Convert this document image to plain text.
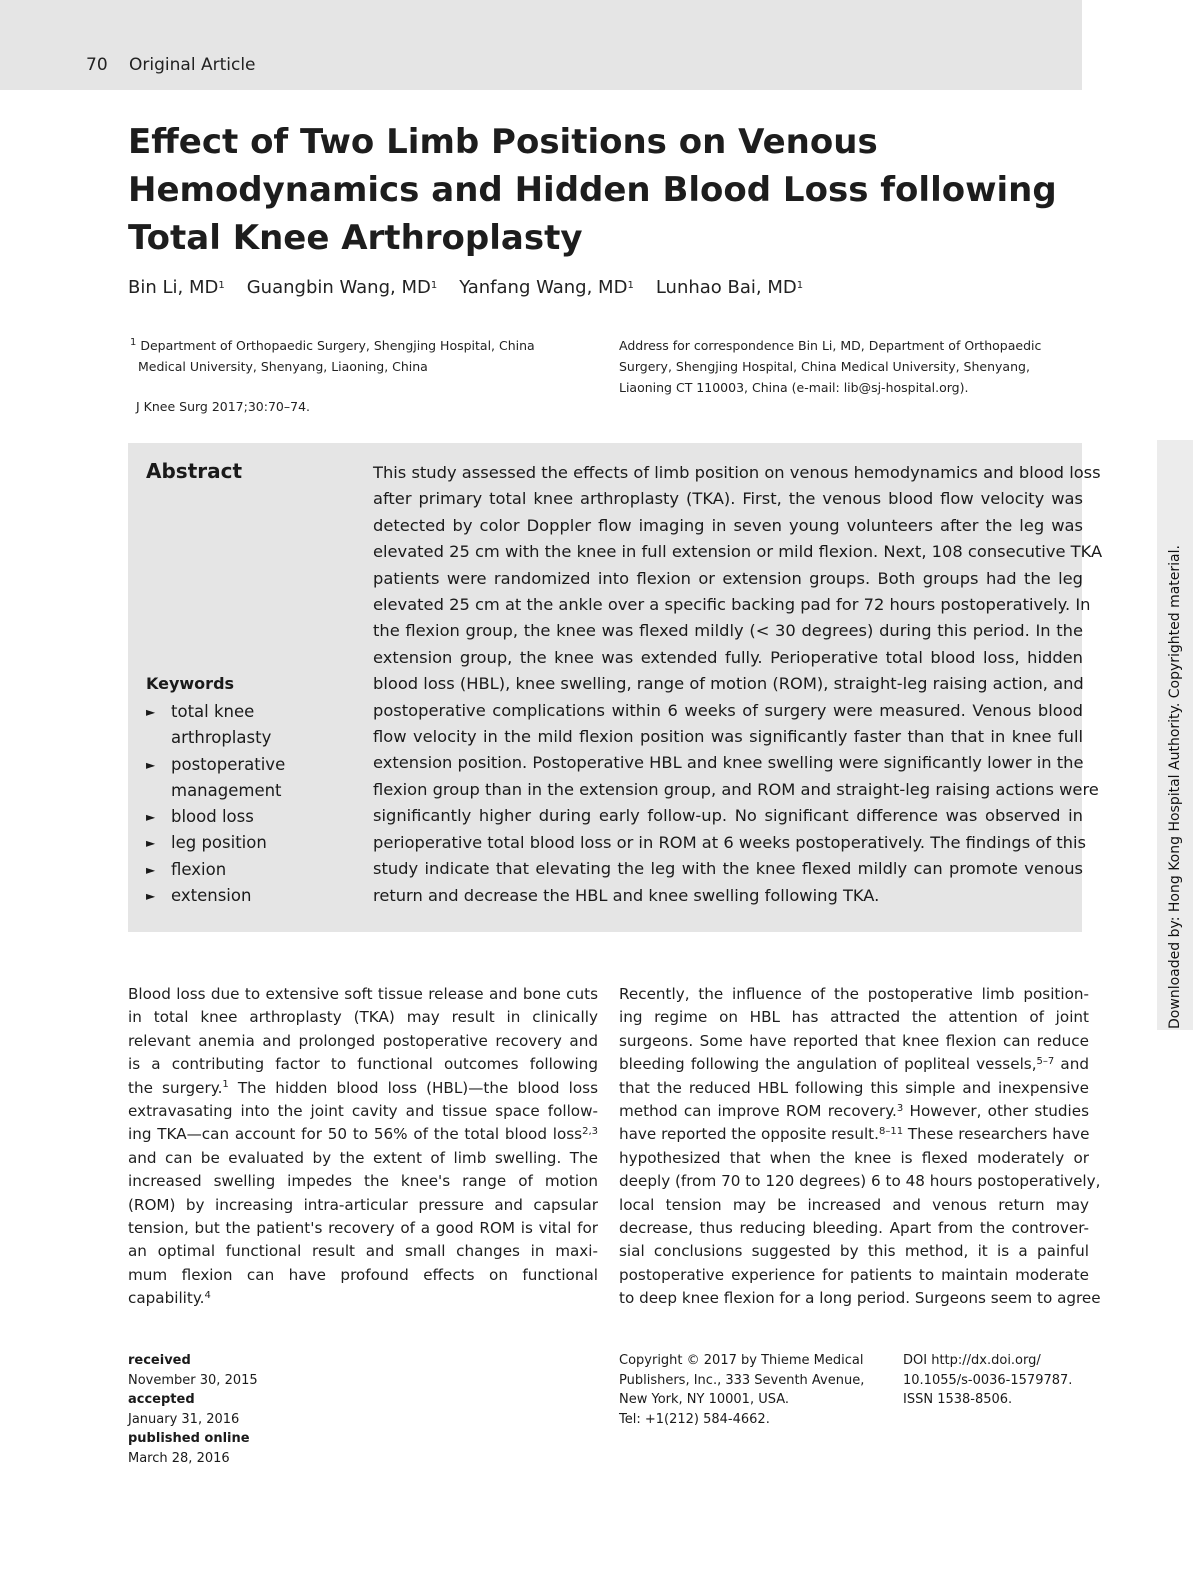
70 Original Article
Effect of Two Limb Positions on Venous
Hemodynamics and Hidden Blood Loss following
Total Knee Arthroplasty
Bin Li, $MD^1$ Guangbin Wang, $MD^1$ Yanfang Wang, $MD^1$ Lunhao Bai, $MD^1$
$^1$ Department of Orthopaedic Surgery, Shengjing Hospital, China
Medical University, Shenyang, Liaoning, China
J Knee Surg 2017;30:70–74.
Address for correspondence Bin Li, MD, Department of Orthopaedic
Surgery, Shengjing Hospital, China Medical University, Shenyang,
Liaoning CT 110003, China (e-mail: lib@sj-hospital.org).
Abstract
Keywords
► total knee
arthroplasty
► postoperative
management
► blood loss
► leg position
► flexion
► extension
This study assessed the effects of limb position on venous hemodynamics and blood loss
after primary total knee arthroplasty (TKA). First, the venous blood flow velocity was
detected by color Doppler flow imaging in seven young volunteers after the leg was
elevated 25 cm with the knee in full extension or mild flexion. Next, 108 consecutive TKA
patients were randomized into flexion or extension groups. Both groups had the leg
elevated 25 cm at the ankle over a specific backing pad for 72 hours postoperatively. In
the flexion group, the knee was flexed mildly (< 30 degrees) during this period. In the
extension group, the knee was extended fully. Perioperative total blood loss, hidden
blood loss (HBL), knee swelling, range of motion (ROM), straight-leg raising action, and
postoperative complications within 6 weeks of surgery were measured. Venous blood
flow velocity in the mild flexion position was significantly faster than that in knee full
extension position. Postoperative HBL and knee swelling were significantly lower in the
flexion group than in the extension group, and ROM and straight-leg raising actions were
significantly higher during early follow-up. No significant difference was observed in
perioperative total blood loss or in ROM at 6 weeks postoperatively. The findings of this
study indicate that elevating the leg with the knee flexed mildly can promote venous
return and decrease the HBL and knee swelling following TKA.
Blood loss due to extensive soft tissue release and bone cuts
in total knee arthroplasty (TKA) may result in clinically
relevant anemia and prolonged postoperative recovery and
is a contributing factor to functional outcomes following
the surgery.$^1$ The hidden blood loss (HBL)—the blood loss
extravasating into the joint cavity and tissue space follow-
ing TKA—can account for 50 to 56% of the total blood loss$^{2,3}$
and can be evaluated by the extent of limb swelling. The
increased swelling impedes the knee's range of motion
(ROM) by increasing intra-articular pressure and capsular
tension, but the patient's recovery of a good ROM is vital for
an optimal functional result and small changes in maxi-
mum flexion can have profound effects on functional
capability.$^4$
Recently, the influence of the postoperative limb position-
ing regime on HBL has attracted the attention of joint
surgeons. Some have reported that knee flexion can reduce
bleeding following the angulation of popliteal vessels,$^{5-7}$ and
that the reduced HBL following this simple and inexpensive
method can improve ROM recovery.$^3$ However, other studies
have reported the opposite result.$^{8-11}$ These researchers have
hypothesized that when the knee is flexed moderately or
deeply (from 70 to 120 degrees) 6 to 48 hours postoperatively,
local tension may be increased and venous return may
decrease, thus reducing bleeding. Apart from the controver-
sial conclusions suggested by this method, it is a painful
postoperative experience for patients to maintain moderate
to deep knee flexion for a long period. Surgeons seem to agree
received
November 30, 2015
accepted
January 31, 2016
published online
March 28, 2016
Copyright © 2017 by Thieme Medical
Publishers, Inc., 333 Seventh Avenue,
New York, NY 10001, USA.
Tel: +1(212) 584-4662.
DOI http://dx.doi.org/
10.1055/s-0036-1579787.
ISSN 1538-8506.
Downloaded by: Hong Kong Hospital Authority. Copyrighted material.
